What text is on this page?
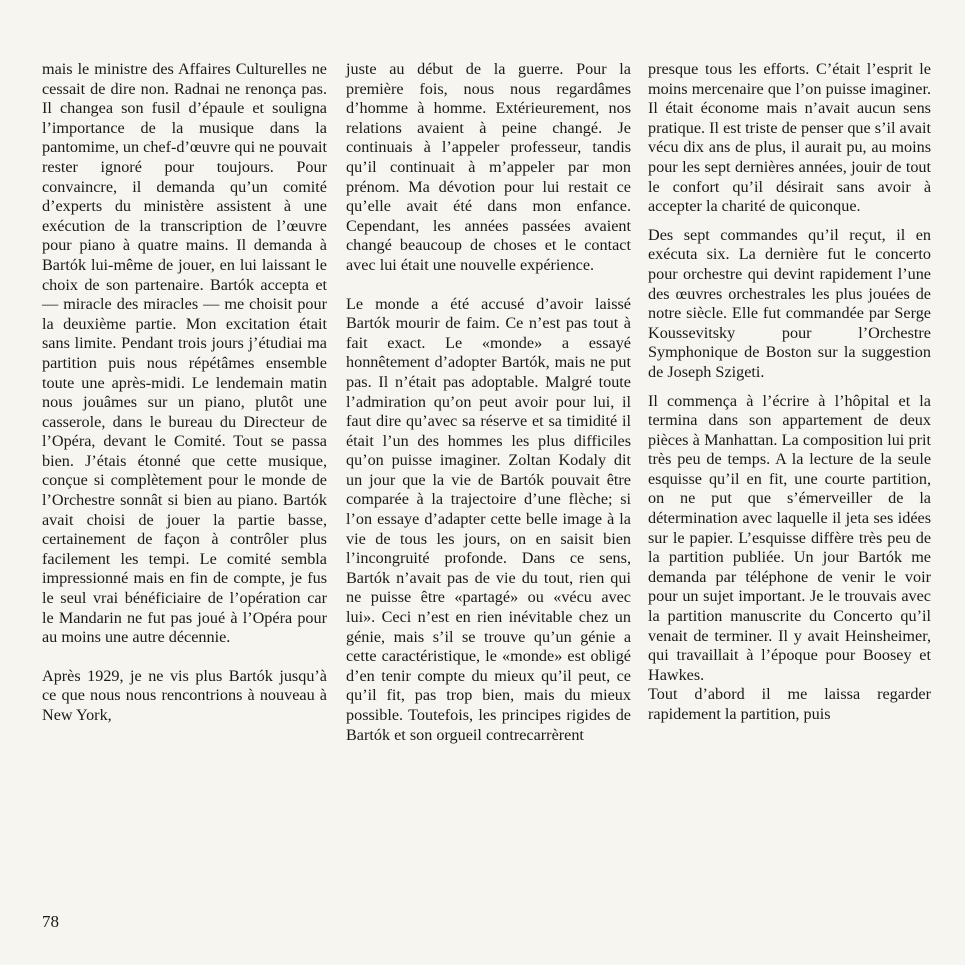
mais le ministre des Affaires Culturelles ne cessait de dire non. Radnai ne renonça pas. Il changea son fusil d’épaule et souligna l’importance de la musique dans la pantomime, un chef-d’œuvre qui ne pouvait rester ignoré pour toujours. Pour convaincre, il demanda qu’un comité d’experts du ministère assistent à une exécution de la transcription de l’œuvre pour piano à quatre mains. Il demanda à Bartók lui-même de jouer, en lui laissant le choix de son partenaire. Bartók accepta et — miracle des miracles — me choisit pour la deuxième partie. Mon excitation était sans limite. Pendant trois jours j’étudiai ma partition puis nous répétâmes ensemble toute une après-midi. Le lendemain matin nous jouâmes sur un piano, plutôt une casserole, dans le bureau du Directeur de l’Opéra, devant le Comité. Tout se passa bien. J’étais étonné que cette musique, conçue si complètement pour le monde de l’Orchestre sonnât si bien au piano. Bartók avait choisi de jouer la partie basse, certainement de façon à contrôler plus facilement les tempi. Le comité sembla impressionné mais en fin de compte, je fus le seul vrai bénéficiaire de l’opération car le Mandarin ne fut pas joué à l’Opéra pour au moins une autre décennie.

Après 1929, je ne vis plus Bartók jusqu’à ce que nous nous rencontrions à nouveau à New York,

juste au début de la guerre. Pour la première fois, nous nous regardâmes d’homme à homme. Extérieurement, nos relations avaient à peine changé. Je continuais à l’appeler professeur, tandis qu’il continuait à m’appeler par mon prénom. Ma dévotion pour lui restait ce qu’elle avait été dans mon enfance. Cependant, les années passées avaient changé beaucoup de choses et le contact avec lui était une nouvelle expérience.

Le monde a été accusé d’avoir laissé Bartók mourir de faim. Ce n’est pas tout à fait exact. Le «monde» a essayé honnêtement d’adopter Bartók, mais ne put pas. Il n’était pas adoptable. Malgré toute l’admiration qu’on peut avoir pour lui, il faut dire qu’avec sa réserve et sa timidité il était l’un des hommes les plus difficiles qu’on puisse imaginer. Zoltan Kodaly dit un jour que la vie de Bartók pouvait être comparée à la trajectoire d’une flèche; si l’on essaye d’adapter cette belle image à la vie de tous les jours, on en saisit bien l’incongruité profonde. Dans ce sens, Bartók n’avait pas de vie du tout, rien qui ne puisse être «partagé» ou «vécu avec lui». Ceci n’est en rien inévitable chez un génie, mais s’il se trouve qu’un génie a cette caractéristique, le «monde» est obligé d’en tenir compte du mieux qu’il peut, ce qu’il fit, pas trop bien, mais du mieux possible. Toutefois, les principes rigides de Bartók et son orgueil contrecarrèrent

presque tous les efforts. C’était l’esprit le moins mercenaire que l’on puisse imaginer. Il était économe mais n’avait aucun sens pratique. Il est triste de penser que s’il avait vécu dix ans de plus, il aurait pu, au moins pour les sept dernières années, jouir de tout le confort qu’il désirait sans avoir à accepter la charité de quiconque.

Des sept commandes qu’il reçut, il en exécuta six. La dernière fut le concerto pour orchestre qui devint rapidement l’une des œuvres orchestrales les plus jouées de notre siècle. Elle fut commandée par Serge Koussevitsky pour l’Orchestre Symphonique de Boston sur la suggestion de Joseph Szigeti.

Il commença à l’écrire à l’hôpital et la termina dans son appartement de deux pièces à Manhattan. La composition lui prit très peu de temps. A la lecture de la seule esquisse qu’il en fit, une courte partition, on ne put que s’émerveiller de la détermination avec laquelle il jeta ses idées sur le papier. L’esquisse diffère très peu de la partition publiée. Un jour Bartók me demanda par téléphone de venir le voir pour un sujet important. Je le trouvais avec la partition manuscrite du Concerto qu’il venait de terminer. Il y avait Heinsheimer, qui travaillait à l’époque pour Boosey et Hawkes.

Tout d’abord il me laissa regarder rapidement la partition, puis

78
